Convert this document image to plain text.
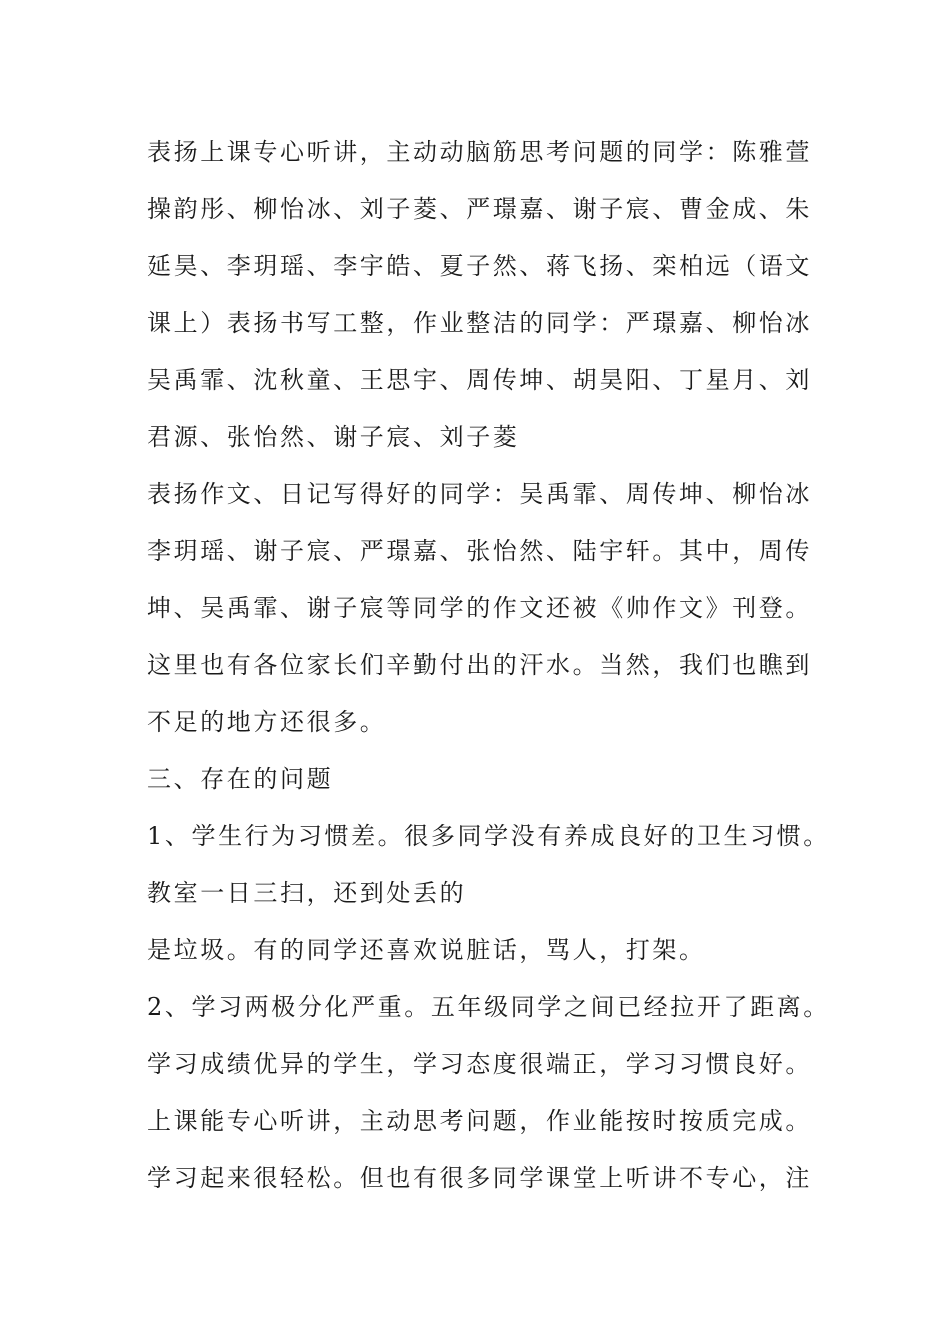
表扬上课专心听讲，主动动脑筋思考问题的同学：陈雅萱

操韵彤、柳怡冰、刘子菱、严璟嘉、谢子宸、曹金成、朱

延昊、李玥瑶、李宇皓、夏子然、蒋飞扬、栾柏远（语文

课上）表扬书写工整，作业整洁的同学：严璟嘉、柳怡冰

吴禹霏、沈秋童、王思宇、周传坤、胡昊阳、丁星月、刘

君源、张怡然、谢子宸、刘子菱

表扬作文、日记写得好的同学：吴禹霏、周传坤、柳怡冰

李玥瑶、谢子宸、严璟嘉、张怡然、陆宇轩。其中，周传

坤、吴禹霏、谢子宸等同学的作文还被《帅作文》刊登。

这里也有各位家长们辛勤付出的汗水。当然，我们也瞧到

不足的地方还很多。

三、存在的问题

1、学生行为习惯差。很多同学没有养成良好的卫生习惯。

教室一日三扫，还到处丢的

是垃圾。有的同学还喜欢说脏话，骂人，打架。

2、学习两极分化严重。五年级同学之间已经拉开了距离。

学习成绩优异的学生，学习态度很端正，学习习惯良好。

上课能专心听讲，主动思考问题，作业能按时按质完成。

学习起来很轻松。但也有很多同学课堂上听讲不专心，注
